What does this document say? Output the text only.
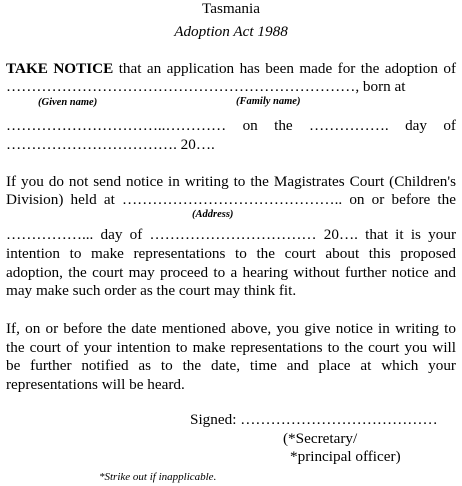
Tasmania
Adoption Act 1988
TAKE NOTICE that an application has been made for the adoption of
……………………………………………………………, born at
(Given name)	(Family name)
…………………………..………… on the ……………. day of
……………………………. 20….
If you do not send notice in writing to the Magistrates Court (Children's
Division) held at …………………………………….. on or before the
(Address)
……………... day of …………………………… 20…. that it is your
intention to make representations to the court about this proposed
adoption, the court may proceed to a hearing without further notice and
may make such order as the court may think fit.
If, on or before the date mentioned above, you give notice in writing to
the court of your intention to make representations to the court you will
be further notified as to the date, time and place at which your
representations will be heard.
Signed: …………………………………
(*Secretary/
*principal officer)
*Strike out if inapplicable.
